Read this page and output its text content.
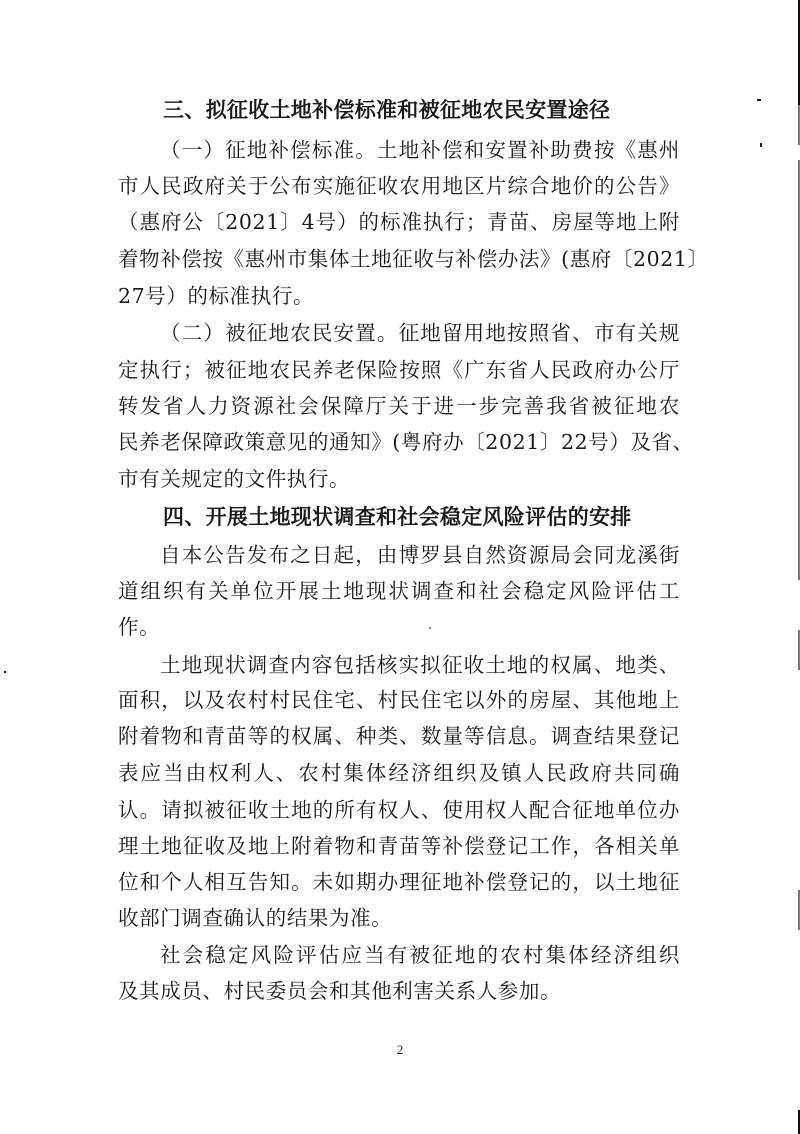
三、拟征收土地补偿标准和被征地农民安置途径
（一）征地补偿标准。土地补偿和安置补助费按《惠州
市人民政府关于公布实施征收农用地区片综合地价的公告》
（惠府公〔2021〕4号）的标准执行；青苗、房屋等地上附
着物补偿按《惠州市集体土地征收与补偿办法》(惠府〔2021〕
27号）的标准执行。
（二）被征地农民安置。征地留用地按照省、市有关规
定执行；被征地农民养老保险按照《广东省人民政府办公厅
转发省人力资源社会保障厅关于进一步完善我省被征地农
民养老保障政策意见的通知》(粤府办〔2021〕22号）及省、
市有关规定的文件执行。
四、开展土地现状调查和社会稳定风险评估的安排
自本公告发布之日起，由博罗县自然资源局会同龙溪街
道组织有关单位开展土地现状调查和社会稳定风险评估工
作。
土地现状调查内容包括核实拟征收土地的权属、地类、
面积，以及农村村民住宅、村民住宅以外的房屋、其他地上
附着物和青苗等的权属、种类、数量等信息。调查结果登记
表应当由权利人、农村集体经济组织及镇人民政府共同确
认。请拟被征收土地的所有权人、使用权人配合征地单位办
理土地征收及地上附着物和青苗等补偿登记工作，各相关单
位和个人相互告知。未如期办理征地补偿登记的，以土地征
收部门调查确认的结果为准。
社会稳定风险评估应当有被征地的农村集体经济组织
及其成员、村民委员会和其他利害关系人参加。
2
